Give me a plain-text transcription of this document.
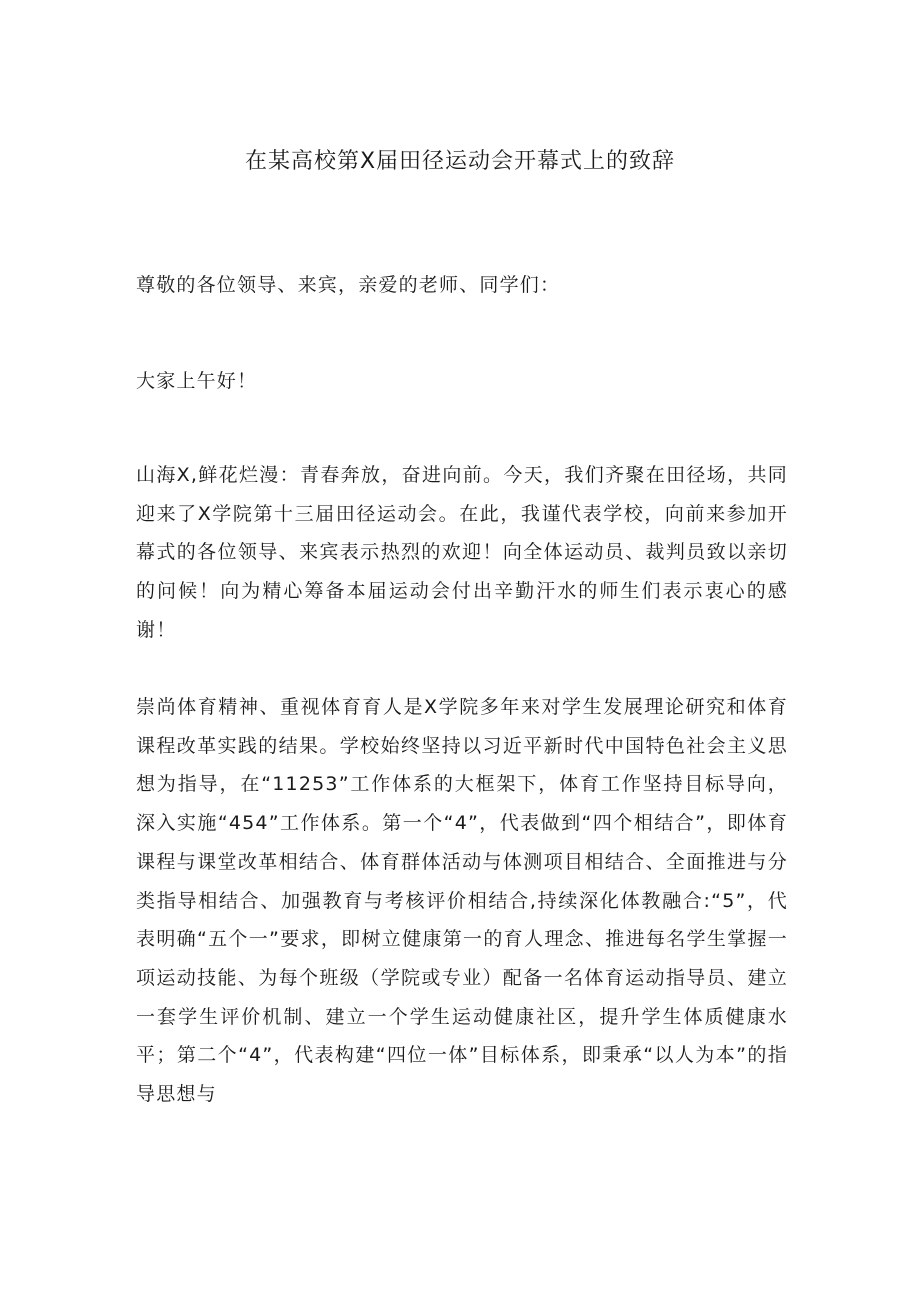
在某高校第X届田径运动会开幕式上的致辞

尊敬的各位领导、来宾，亲爱的老师、同学们：

大家上午好！

山海X,鲜花烂漫：青春奔放，奋进向前。今天，我们齐聚在田径场，共同迎来了X学院第十三届田径运动会。在此，我谨代表学校，向前来参加开幕式的各位领导、来宾表示热烈的欢迎！向全体运动员、裁判员致以亲切的问候！向为精心筹备本届运动会付出辛勤汗水的师生们表示衷心的感谢！

崇尚体育精神、重视体育育人是X学院多年来对学生发展理论研究和体育课程改革实践的结果。学校始终坚持以习近平新时代中国特色社会主义思想为指导，在“11253”工作体系的大框架下，体育工作坚持目标导向，深入实施“454”工作体系。第一个“4”，代表做到“四个相结合”，即体育课程与课堂改革相结合、体育群体活动与体测项目相结合、全面推进与分类指导相结合、加强教育与考核评价相结合,持续深化体教融合:“5”，代表明确“五个一”要求，即树立健康第一的育人理念、推进每名学生掌握一项运动技能、为每个班级（学院或专业）配备一名体育运动指导员、建立一套学生评价机制、建立一个学生运动健康社区，提升学生体质健康水平；第二个“4”，代表构建“四位一体”目标体系，即秉承“以人为本”的指导思想与
